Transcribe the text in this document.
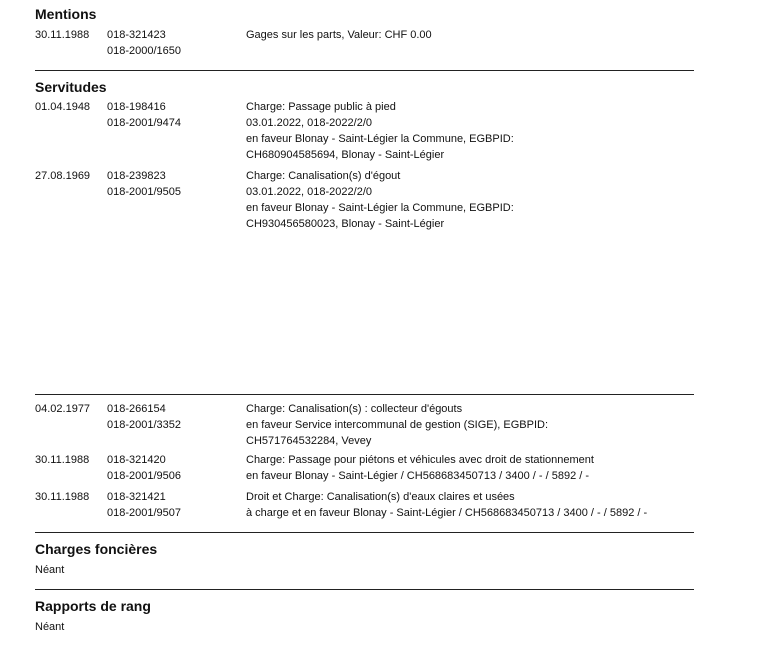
Mentions
30.11.1988 018-321423
018-2000/1650
Gages sur les parts, Valeur: CHF 0.00
Servitudes
01.04.1948 018-198416
018-2001/9474
Charge: Passage public à pied
03.01.2022, 018-2022/2/0
en faveur Blonay - Saint-Légier la Commune, EGBPID:
CH680904585694, Blonay - Saint-Légier
27.08.1969 018-239823
018-2001/9505
Charge: Canalisation(s) d'égout
03.01.2022, 018-2022/2/0
en faveur Blonay - Saint-Légier la Commune, EGBPID:
CH930456580023, Blonay - Saint-Légier
04.02.1977 018-266154
018-2001/3352
Charge: Canalisation(s) : collecteur d'égouts
en faveur Service intercommunal de gestion (SIGE), EGBPID:
CH571764532284, Vevey
30.11.1988 018-321420
018-2001/9506
Charge: Passage pour piétons et véhicules avec droit de stationnement
en faveur Blonay - Saint-Légier / CH568683450713 / 3400 / - / 5892 / -
30.11.1988 018-321421
018-2001/9507
Droit et Charge: Canalisation(s) d'eaux claires et usées
à charge et en faveur Blonay - Saint-Légier / CH568683450713 / 3400 / - / 5892 / -
Charges foncières
Néant
Rapports de rang
Néant
